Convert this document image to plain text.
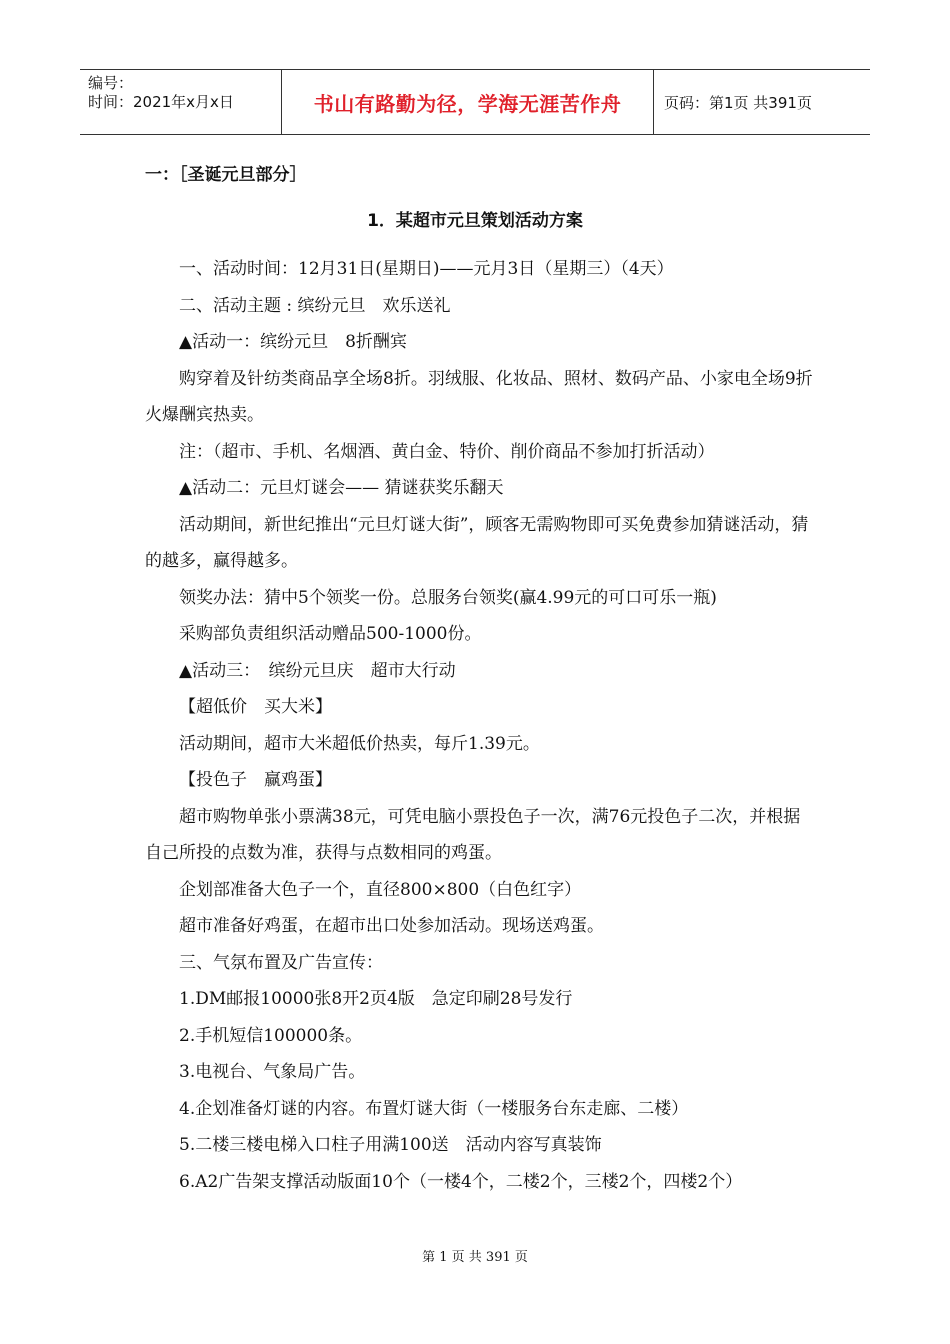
编号：
时间：2021年x月x日	书山有路勤为径，学海无涯苦作舟	页码：第1页 共391页
一：［圣诞元旦部分］
1．某超市元旦策划活动方案

一、活动时间：12月31日(星期日)——元月3日（星期三）（4天）

二、活动主题 : 缤纷元旦　欢乐送礼

▲活动一：缤纷元旦　8折酬宾

购穿着及针纺类商品享全场8折。羽绒服、化妆品、照材、数码产品、小家电全场9折火爆酬宾热卖。

注：（超市、手机、名烟酒、黄白金、特价、削价商品不参加打折活动）

▲活动二：元旦灯谜会—— 猜谜获奖乐翻天

活动期间，新世纪推出“元旦灯谜大街”，顾客无需购物即可买免费参加猜谜活动，猜的越多，赢得越多。

领奖办法：猜中5个领奖一份。总服务台领奖(赢4.99元的可口可乐一瓶)

采购部负责组织活动赠品500-1000份。

▲活动三：　缤纷元旦庆　超市大行动

【超低价　买大米】

活动期间，超市大米超低价热卖，每斤1.39元。

【投色子　赢鸡蛋】

超市购物单张小票满38元，可凭电脑小票投色子一次，满76元投色子二次，并根据自己所投的点数为准，获得与点数相同的鸡蛋。

企划部准备大色子一个，直径800×800（白色红字）

超市准备好鸡蛋，在超市出口处参加活动。现场送鸡蛋。

三、气氛布置及广告宣传：

1.DM邮报10000张8开2页4版　急定印刷28号发行

2.手机短信100000条。

3.电视台、气象局广告。

4.企划准备灯谜的内容。布置灯谜大街（一楼服务台东走廊、二楼）

5.二楼三楼电梯入口柱子用满100送　活动内容写真装饰

6.A2广告架支撑活动版面10个（一楼4个，二楼2个，三楼2个，四楼2个）

第 1 页 共 391 页
